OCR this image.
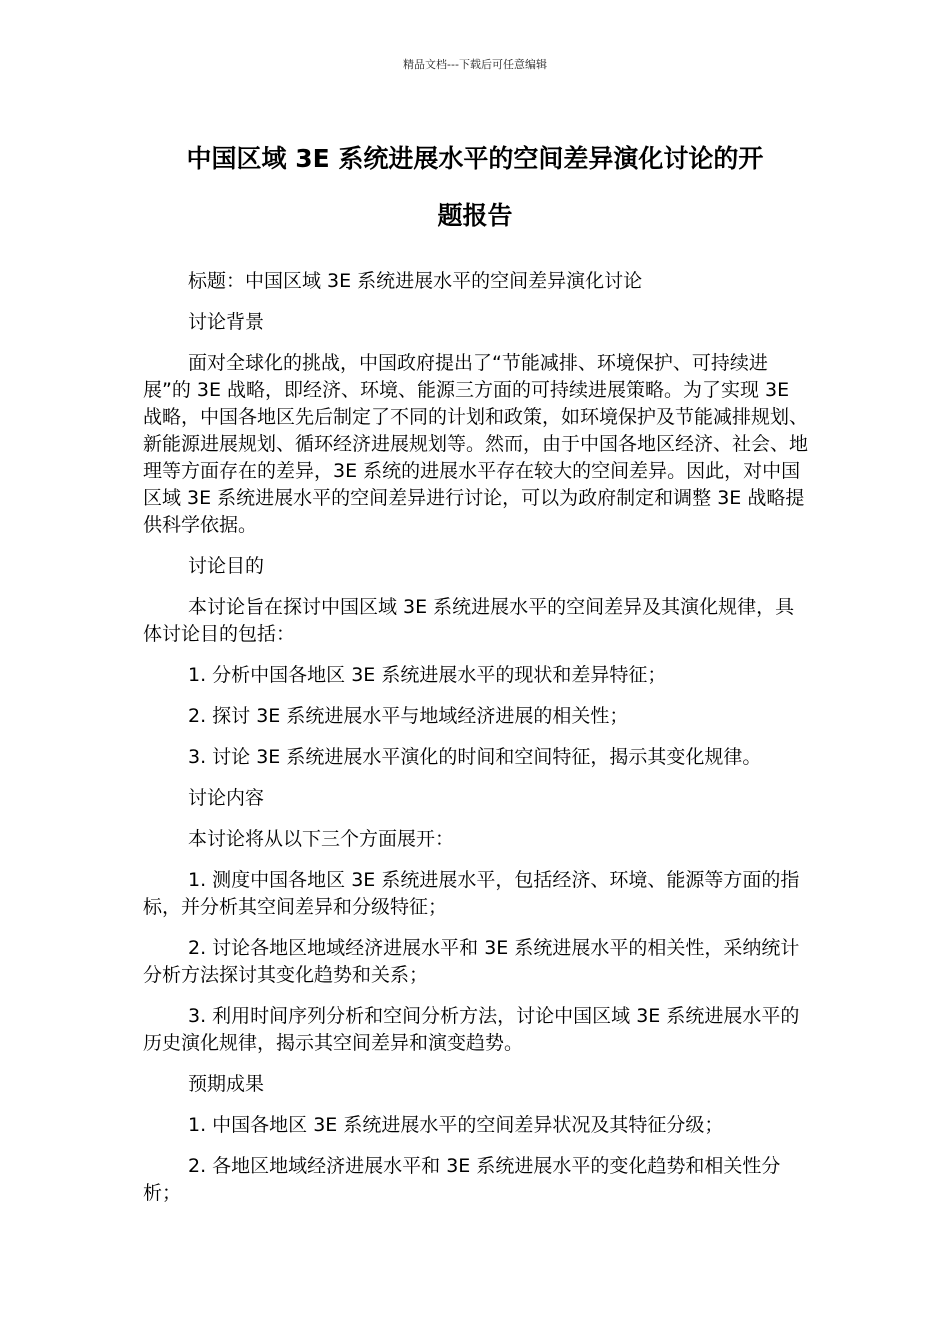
精品文档---下载后可任意编辑
中国区域 3E 系统进展水平的空间差异演化讨论的开
题报告

标题：中国区域 3E 系统进展水平的空间差异演化讨论

讨论背景

面对全球化的挑战，中国政府提出了“节能减排、环境保护、可持续进展”的 3E 战略，即经济、环境、能源三方面的可持续进展策略。为了实现 3E 战略，中国各地区先后制定了不同的计划和政策，如环境保护及节能减排规划、新能源进展规划、循环经济进展规划等。然而，由于中国各地区经济、社会、地理等方面存在的差异，3E 系统的进展水平存在较大的空间差异。因此，对中国区域 3E 系统进展水平的空间差异进行讨论，可以为政府制定和调整 3E 战略提供科学依据。

讨论目的

本讨论旨在探讨中国区域 3E 系统进展水平的空间差异及其演化规律，具体讨论目的包括：

1. 分析中国各地区 3E 系统进展水平的现状和差异特征；

2. 探讨 3E 系统进展水平与地域经济进展的相关性；

3. 讨论 3E 系统进展水平演化的时间和空间特征，揭示其变化规律。

讨论内容

本讨论将从以下三个方面展开：

1. 测度中国各地区 3E 系统进展水平，包括经济、环境、能源等方面的指标，并分析其空间差异和分级特征；

2. 讨论各地区地域经济进展水平和 3E 系统进展水平的相关性，采纳统计分析方法探讨其变化趋势和关系；

3. 利用时间序列分析和空间分析方法，讨论中国区域 3E 系统进展水平的历史演化规律，揭示其空间差异和演变趋势。

预期成果

1. 中国各地区 3E 系统进展水平的空间差异状况及其特征分级；

2. 各地区地域经济进展水平和 3E 系统进展水平的变化趋势和相关性分析；
